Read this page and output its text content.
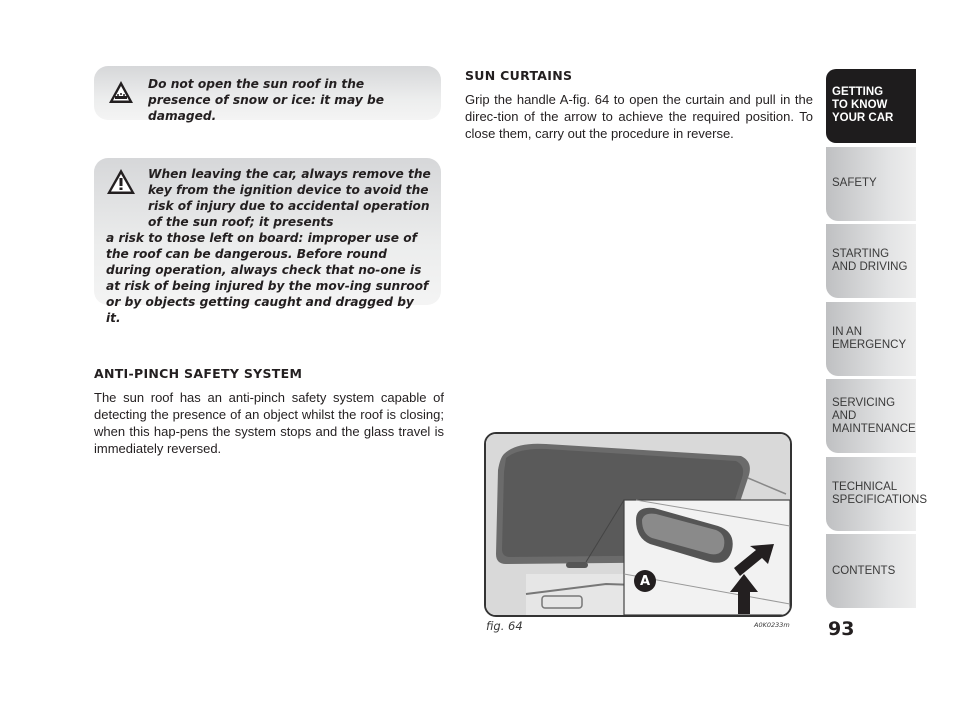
Do not open the sun roof in the presence of snow or ice: it may be damaged.
When leaving the car, always remove the key from the ignition device to avoid the risk of injury due to accidental operation of the sun roof; it presents
a risk to those left on board: improper use of the roof can be dangerous. Before round during operation, always check that no-one is at risk of being injured by the mov-ing sunroof or by objects getting caught and dragged by it.
ANTI-PINCH SAFETY SYSTEM
The sun roof has an anti-pinch safety system capable of detecting the presence of an object whilst the roof is closing; when this hap-pens the system stops and the glass travel is immediately reversed.
SUN CURTAINS
Grip the handle A-fig. 64 to open the curtain and pull in the direc-tion of the arrow to achieve the required position. To close them, carry out the procedure in reverse.
A
fig. 64	A0K0233m
GETTING
TO KNOW
YOUR CAR
SAFETY
STARTING
AND DRIVING
IN AN
EMERGENCY
SERVICING AND
MAINTENANCE
TECHNICAL
SPECIFICATIONS
CONTENTS
93
